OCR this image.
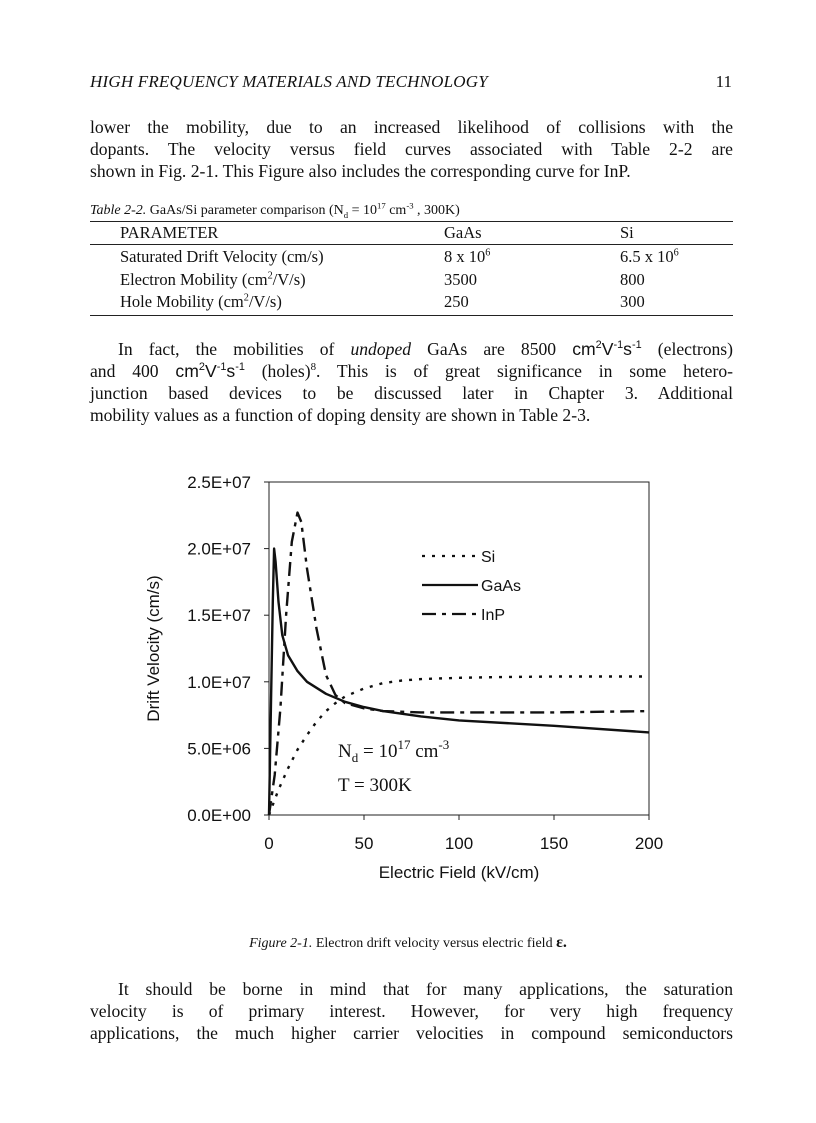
HIGH FREQUENCY MATERIALS AND TECHNOLOGY	11
lower the mobility, due to an increased likelihood of collisions with the
dopants. The velocity versus field curves associated with Table 2-2 are
shown in Fig. 2-1. This Figure also includes the corresponding curve for InP.
Table 2-2. GaAs/Si parameter comparison ($N_d = 10^{17}$ $cm^{-3}$ , 300K)
PARAMETER	GaAs	Si
Saturated Drift Velocity (cm/s)	8 x $10^6$	6.5 x $10^6$
Electron Mobility $(cm^2/V/s)$	3500	800
Hole Mobility $(cm^2/V/s)$	250	300
In fact, the mobilities of undoped GaAs are 8500 $cm^2V^{-1}s^{-1}$ (electrons)
and 400 $cm^2V^{-1}s^{-1}$ (holes)$^8$. This is of great significance in some hetero-
junction based devices to be discussed later in Chapter 3. Additional
mobility values as a function of doping density are shown in Table 2-3.
0.0E+00
5.0E+06
1.0E+07
1.5E+07
2.0E+07
2.5E+07
0	50	100	150	200
Electric Field (kV/cm)
Drift Velocity (cm/s)
Si
GaAs
InP
$N_d = 10^{17}$ $cm^{-3}$
T = 300K
Figure 2-1. Electron drift velocity versus electric field ε.
It should be borne in mind that for many applications, the saturation
velocity is of primary interest. However, for very high frequency
applications, the much higher carrier velocities in compound semiconductors
